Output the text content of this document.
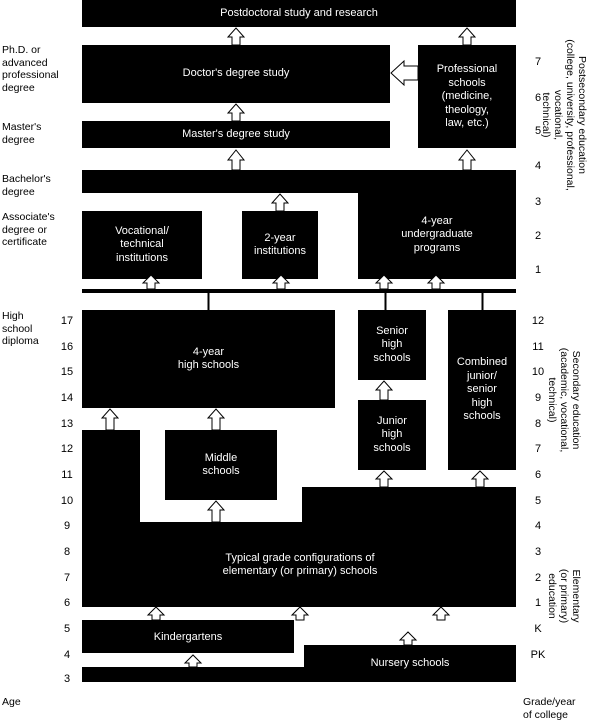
Ph.D. or
advanced
professional
degree
Master's
degree
Bachelor's
degree
Associate's
degree or
certificate
High
school
diploma
Postdoctoral study and research
Doctor's degree study	Professional
schools
(medicine,
theology,
law, etc.)
Master's degree study
Vocational/
technical
institutions
2-year
institutions
4-year
undergraduate
programs
4-year
high schools
Senior
high
schools	Combined
junior/
senior
high
schools
Junior
high
schools
Middle
schools
Typical grade configurations of
elementary (or primary) schools
Kindergartens
Nursery schools
17
16
15
14
13
12
11
10
9
8
7
6
5
4
3
7
6
5
4
3
2
1
12
11
10
9
8
7
6
5
4
3
2
1
K
PK
Postsecondary education
(college, university, professional, vocational,
technical)
Secondary education
(academic, vocational, technical)
Elementary
(or primary) education
Age	Grade/year
of college
